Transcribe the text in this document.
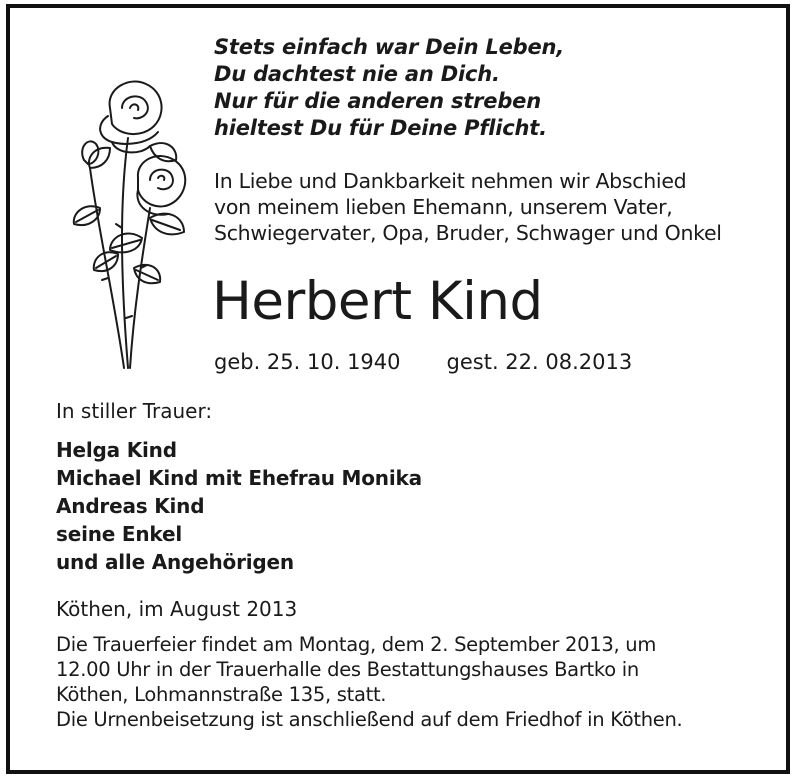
Stets einfach war Dein Leben,
Du dachtest nie an Dich.
Nur für die anderen streben
hieltest Du für Deine Pflicht.
In Liebe und Dankbarkeit nehmen wir Abschied
von meinem lieben Ehemann, unserem Vater,
Schwiegervater, Opa, Bruder, Schwager und Onkel
Herbert Kind
geb. 25. 10. 1940 gest. 22. 08.2013
In stiller Trauer:
Helga Kind
Michael Kind mit Ehefrau Monika
Andreas Kind
seine Enkel
und alle Angehörigen
Köthen, im August 2013
Die Trauerfeier findet am Montag, dem 2. September 2013, um
12.00 Uhr in der Trauerhalle des Bestattungshauses Bartko in
Köthen, Lohmannstraße 135, statt.
Die Urnenbeisetzung ist anschließend auf dem Friedhof in Köthen.
